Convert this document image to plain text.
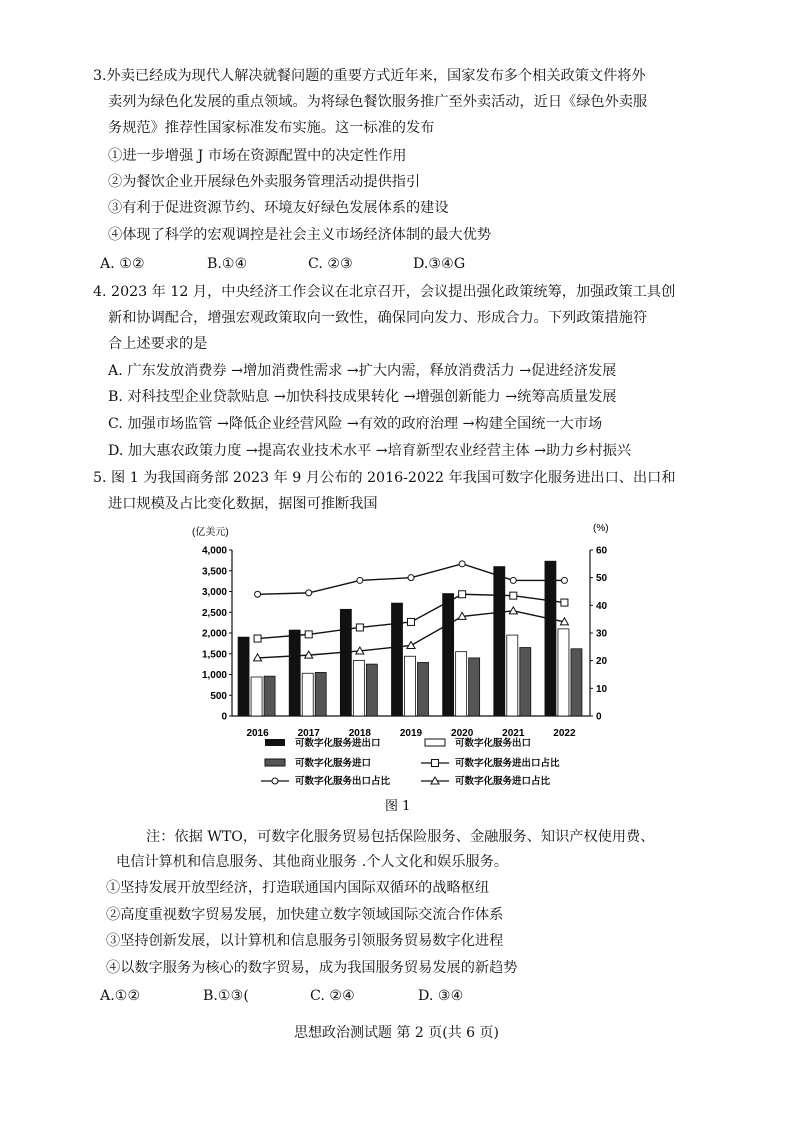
3.外卖已经成为现代人解决就餐问题的重要方式近年来，国家发布多个相关政策文件将外
卖列为绿色化发展的重点领域。为将绿色餐饮服务推广至外卖活动，近日《绿色外卖服
务规范》推荐性国家标准发布实施。这一标准的发布
①进一步增强 J 市场在资源配置中的决定性作用
②为餐饮企业开展绿色外卖服务管理活动提供指引
③有利于促进资源节约、环境友好绿色发展体系的建设
④体现了科学的宏观调控是社会主义市场经济体制的最大优势
A. ①②	B.①④	C. ②③	D.③④G
4. 2023 年 12 月，中央经济工作会议在北京召开，会议提出强化政策统筹，加强政策工具创
新和协调配合，增强宏观政策取向一致性，确保同向发力、形成合力。下列政策措施符
合上述要求的是
A. 广东发放消费券 →增加消费性需求 →扩大内需，释放消费活力 →促进经济发展
B. 对科技型企业贷款贴息 →加快科技成果转化 →增强创新能力 →统筹高质量发展
C. 加强市场监管 →降低企业经营风险 →有效的政府治理 →构建全国统一大市场
D. 加大惠农政策力度 →提高农业技术水平 →培育新型农业经营主体 →助力乡村振兴
5. 图 1 为我国商务部 2023 年 9 月公布的 2016-2022 年我国可数字化服务进出口、出口和
进口规模及占比变化数据，据图可推断我国
(亿美元)	(%)
0
500
1,000
1,500
2,000
2,500
3,000
3,500
4,000
0
10
20
30
40
50
60
2016	2017	2018	2019	2020	2021	2022
可数字化服务进出口	可数字化服务出口
可数字化服务进口	可数字化服务进出口占比
可数字化服务出口占比	可数字化服务进口占比
图 1
注：依据 WTO，可数字化服务贸易包括保险服务、金融服务、知识产权使用费、
电信计算机和信息服务、其他商业服务 .个人文化和娱乐服务。
①坚持发展开放型经济，打造联通国内国际双循环的战略枢纽
②高度重视数字贸易发展，加快建立数字领域国际交流合作体系
③坚持创新发展，以计算机和信息服务引领服务贸易数字化进程
④以数字服务为核心的数字贸易，成为我国服务贸易发展的新趋势
A.①②	B.①③(	C. ②④	D. ③④
思想政治测试题 第 2 页(共 6 页)
